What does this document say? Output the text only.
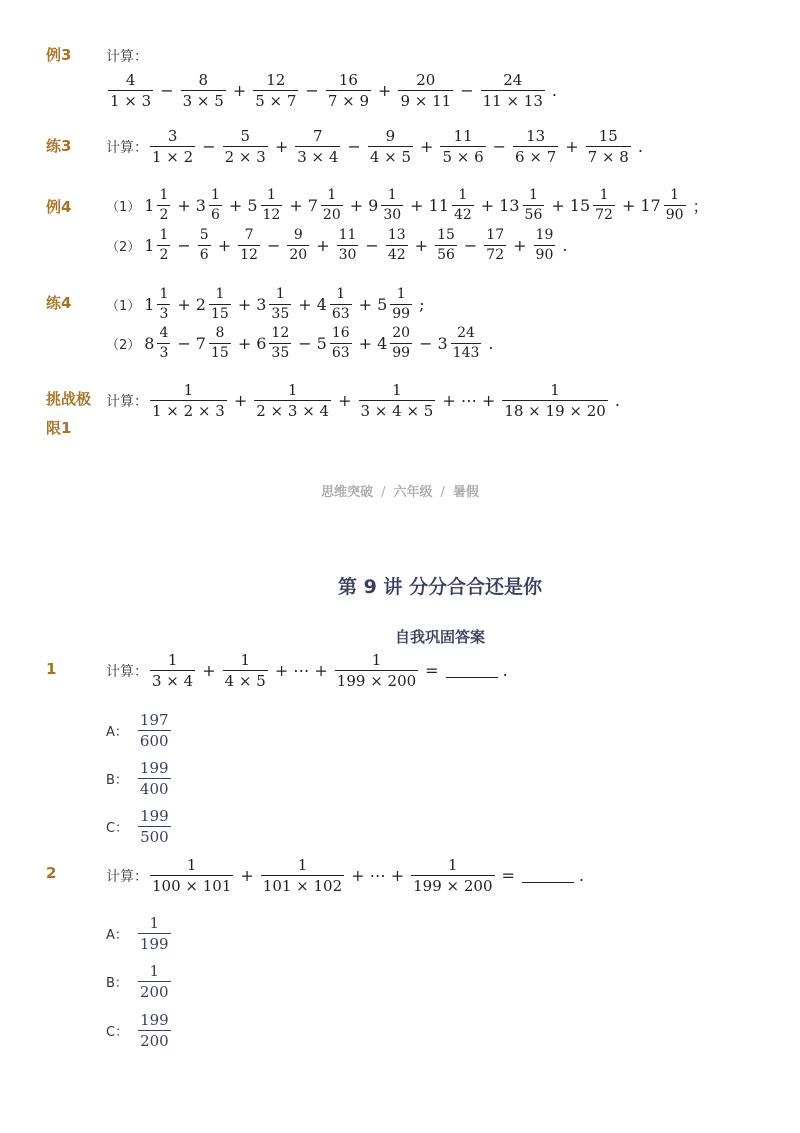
例3	计算：
$\frac{4}{1 \times 3} - \frac{8}{3 \times 5} + \frac{12}{5 \times 7} - \frac{16}{7 \times 9} + \frac{20}{9 \times 11} - \frac{24}{11 \times 13}$ .
练3	计算： $\frac{3}{1 \times 2} - \frac{5}{2 \times 3} + \frac{7}{3 \times 4} - \frac{9}{4 \times 5} + \frac{11}{5 \times 6} - \frac{13}{6 \times 7} + \frac{15}{7 \times 8}$ .
例4	（1） $1 \frac{1}{2} + 3 \frac{1}{6} + 5 \frac{1}{12} + 7 \frac{1}{20} + 9 \frac{1}{30} + 11 \frac{1}{42} + 13 \frac{1}{56} + 15 \frac{1}{72} + 17 \frac{1}{90}$ ；
（2） $1 \frac{1}{2} - \frac{5}{6} + \frac{7}{12} - \frac{9}{20} + \frac{11}{30} - \frac{13}{42} + \frac{15}{56} - \frac{17}{72} + \frac{19}{90}$ .
练4	（1） $1 \frac{1}{3} + 2 \frac{1}{15} + 3 \frac{1}{35} + 4 \frac{1}{63} + 5 \frac{1}{99}$ ;
（2） $8 \frac{4}{3} - 7 \frac{8}{15} + 6 \frac{12}{35} - 5 \frac{16}{63} + 4 \frac{20}{99} - 3 \frac{24}{143}$ .
挑战极
限1
计算： $\frac{1}{1 \times 2 \times 3} + \frac{1}{2 \times 3 \times 4} + \frac{1}{3 \times 4 \times 5}$ + ⋯ + $\frac{1}{18 \times 19 \times 20}$ .
思维突破 / 六年级 / 暑假
第 9 讲 分分合合还是你
自我巩固答案
1	计算： $\frac{1}{3 \times 4} + \frac{1}{4 \times 5}$ + ⋯ + $\frac{1}{199 \times 200}$ =	.
A： $\frac{197}{600}$
B： $\frac{199}{400}$
C： $\frac{199}{500}$
2	计算： $\frac{1}{100 \times 101} + \frac{1}{101 \times 102}$ + ⋯ + $\frac{1}{199 \times 200}$ =	.
A： $\frac{1}{199}$
B： $\frac{1}{200}$
C： $\frac{199}{200}$
